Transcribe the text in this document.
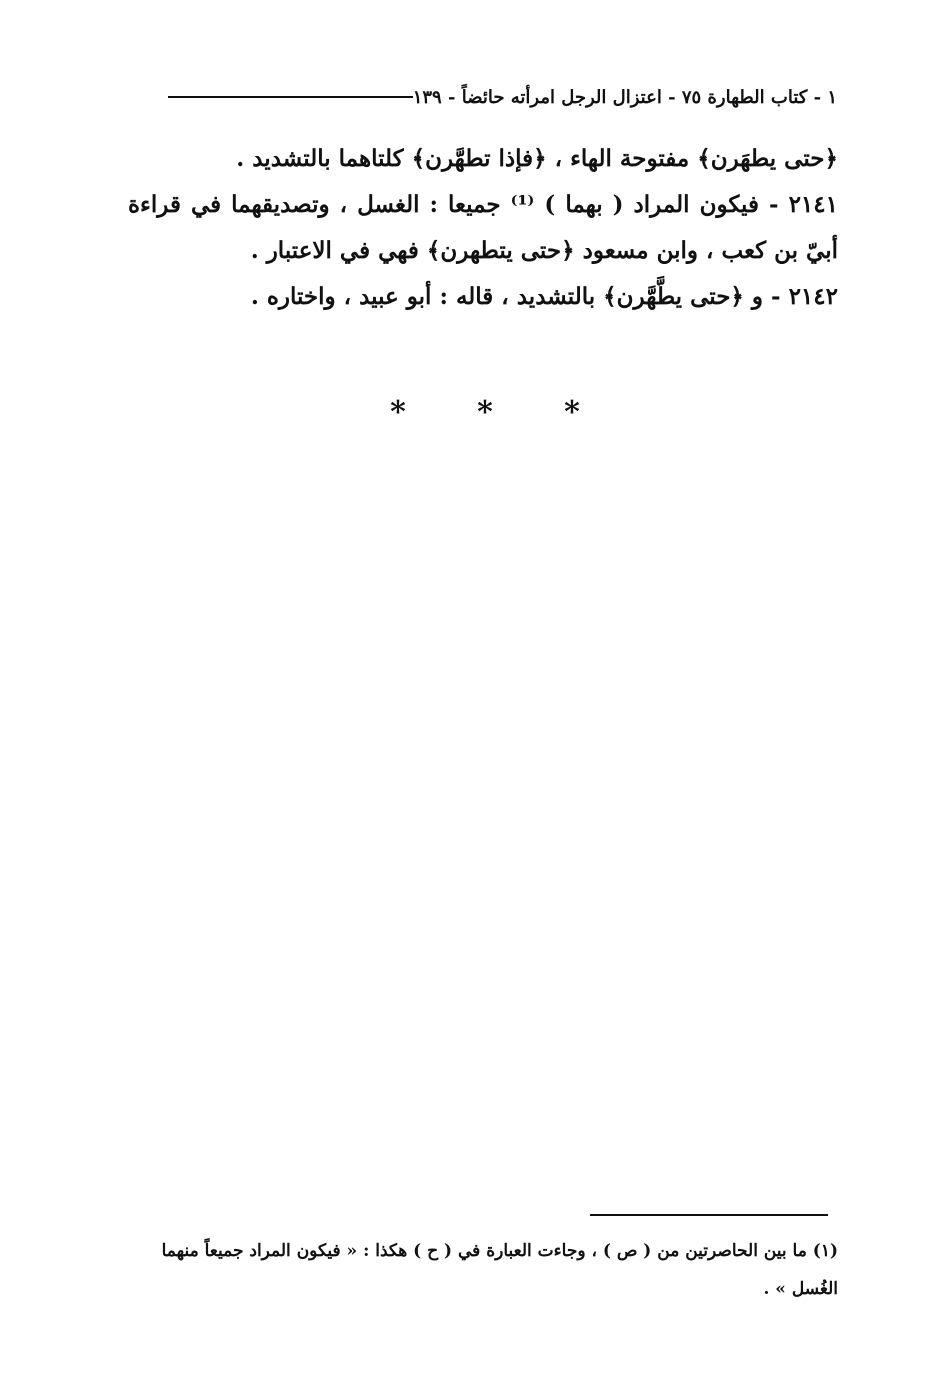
١ - كتاب الطهارة ٧٥ - اعتزال الرجل امرأته حائضاً - ١٣٩

﴿حتى يطهَرن﴾ مفتوحة الهاء ، ﴿فإذا تطهَّرن﴾ كلتاهما بالتشديد .

٢١٤١ - فيكون المراد ( بهما ) ⁽¹⁾ جميعا : الغسل ، وتصديقهما في قراءة أبيّ بن كعب ، وابن مسعود ﴿حتى يتطهرن﴾ فهي في الاعتبار .

٢١٤٢ - و ﴿حتى يطَّهَّرن﴾ بالتشديد ، قاله : أبو عبيد ، واختاره .

*	*	*

(١) ما بين الحاصرتين من ( ص ) ، وجاءت العبارة في ( ح ) هكذا : « فيكون المراد جميعاً منهما الغُسل » .
